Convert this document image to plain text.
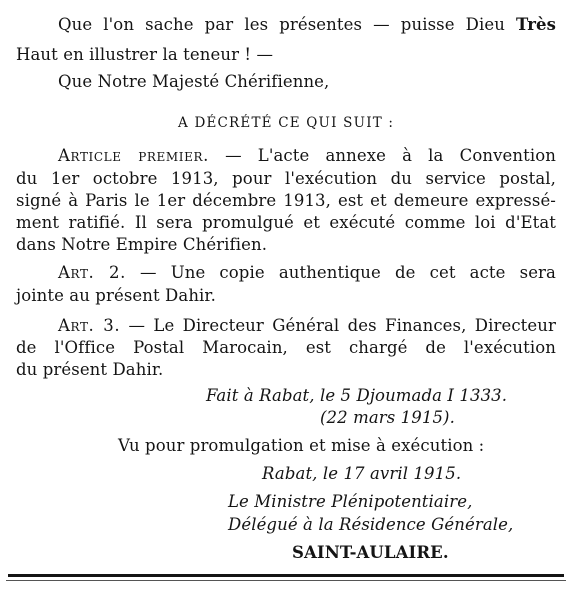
Que l'on sache par les présentes — puisse Dieu Très
Haut en illustrer la teneur ! —
Que Notre Majesté Chérifienne,
A DÉCRÉTÉ CE QUI SUIT :
Article premier. — L'acte annexe à la Convention
du 1er octobre 1913, pour l'exécution du service postal,
signé à Paris le 1er décembre 1913, est et demeure expressé-
ment ratifié. Il sera promulgué et exécuté comme loi d'Etat
dans Notre Empire Chérifien.
Art. 2. — Une copie authentique de cet acte sera
jointe au présent Dahir.
Art. 3. — Le Directeur Général des Finances, Directeur
de l'Office Postal Marocain, est chargé de l'exécution
du présent Dahir.
Fait à Rabat, le 5 Djoumada I 1333.
(22 mars 1915).
Vu pour promulgation et mise à exécution :
Rabat, le 17 avril 1915.
Le Ministre Plénipotentiaire,
Délégué à la Résidence Générale,
SAINT-AULAIRE.
